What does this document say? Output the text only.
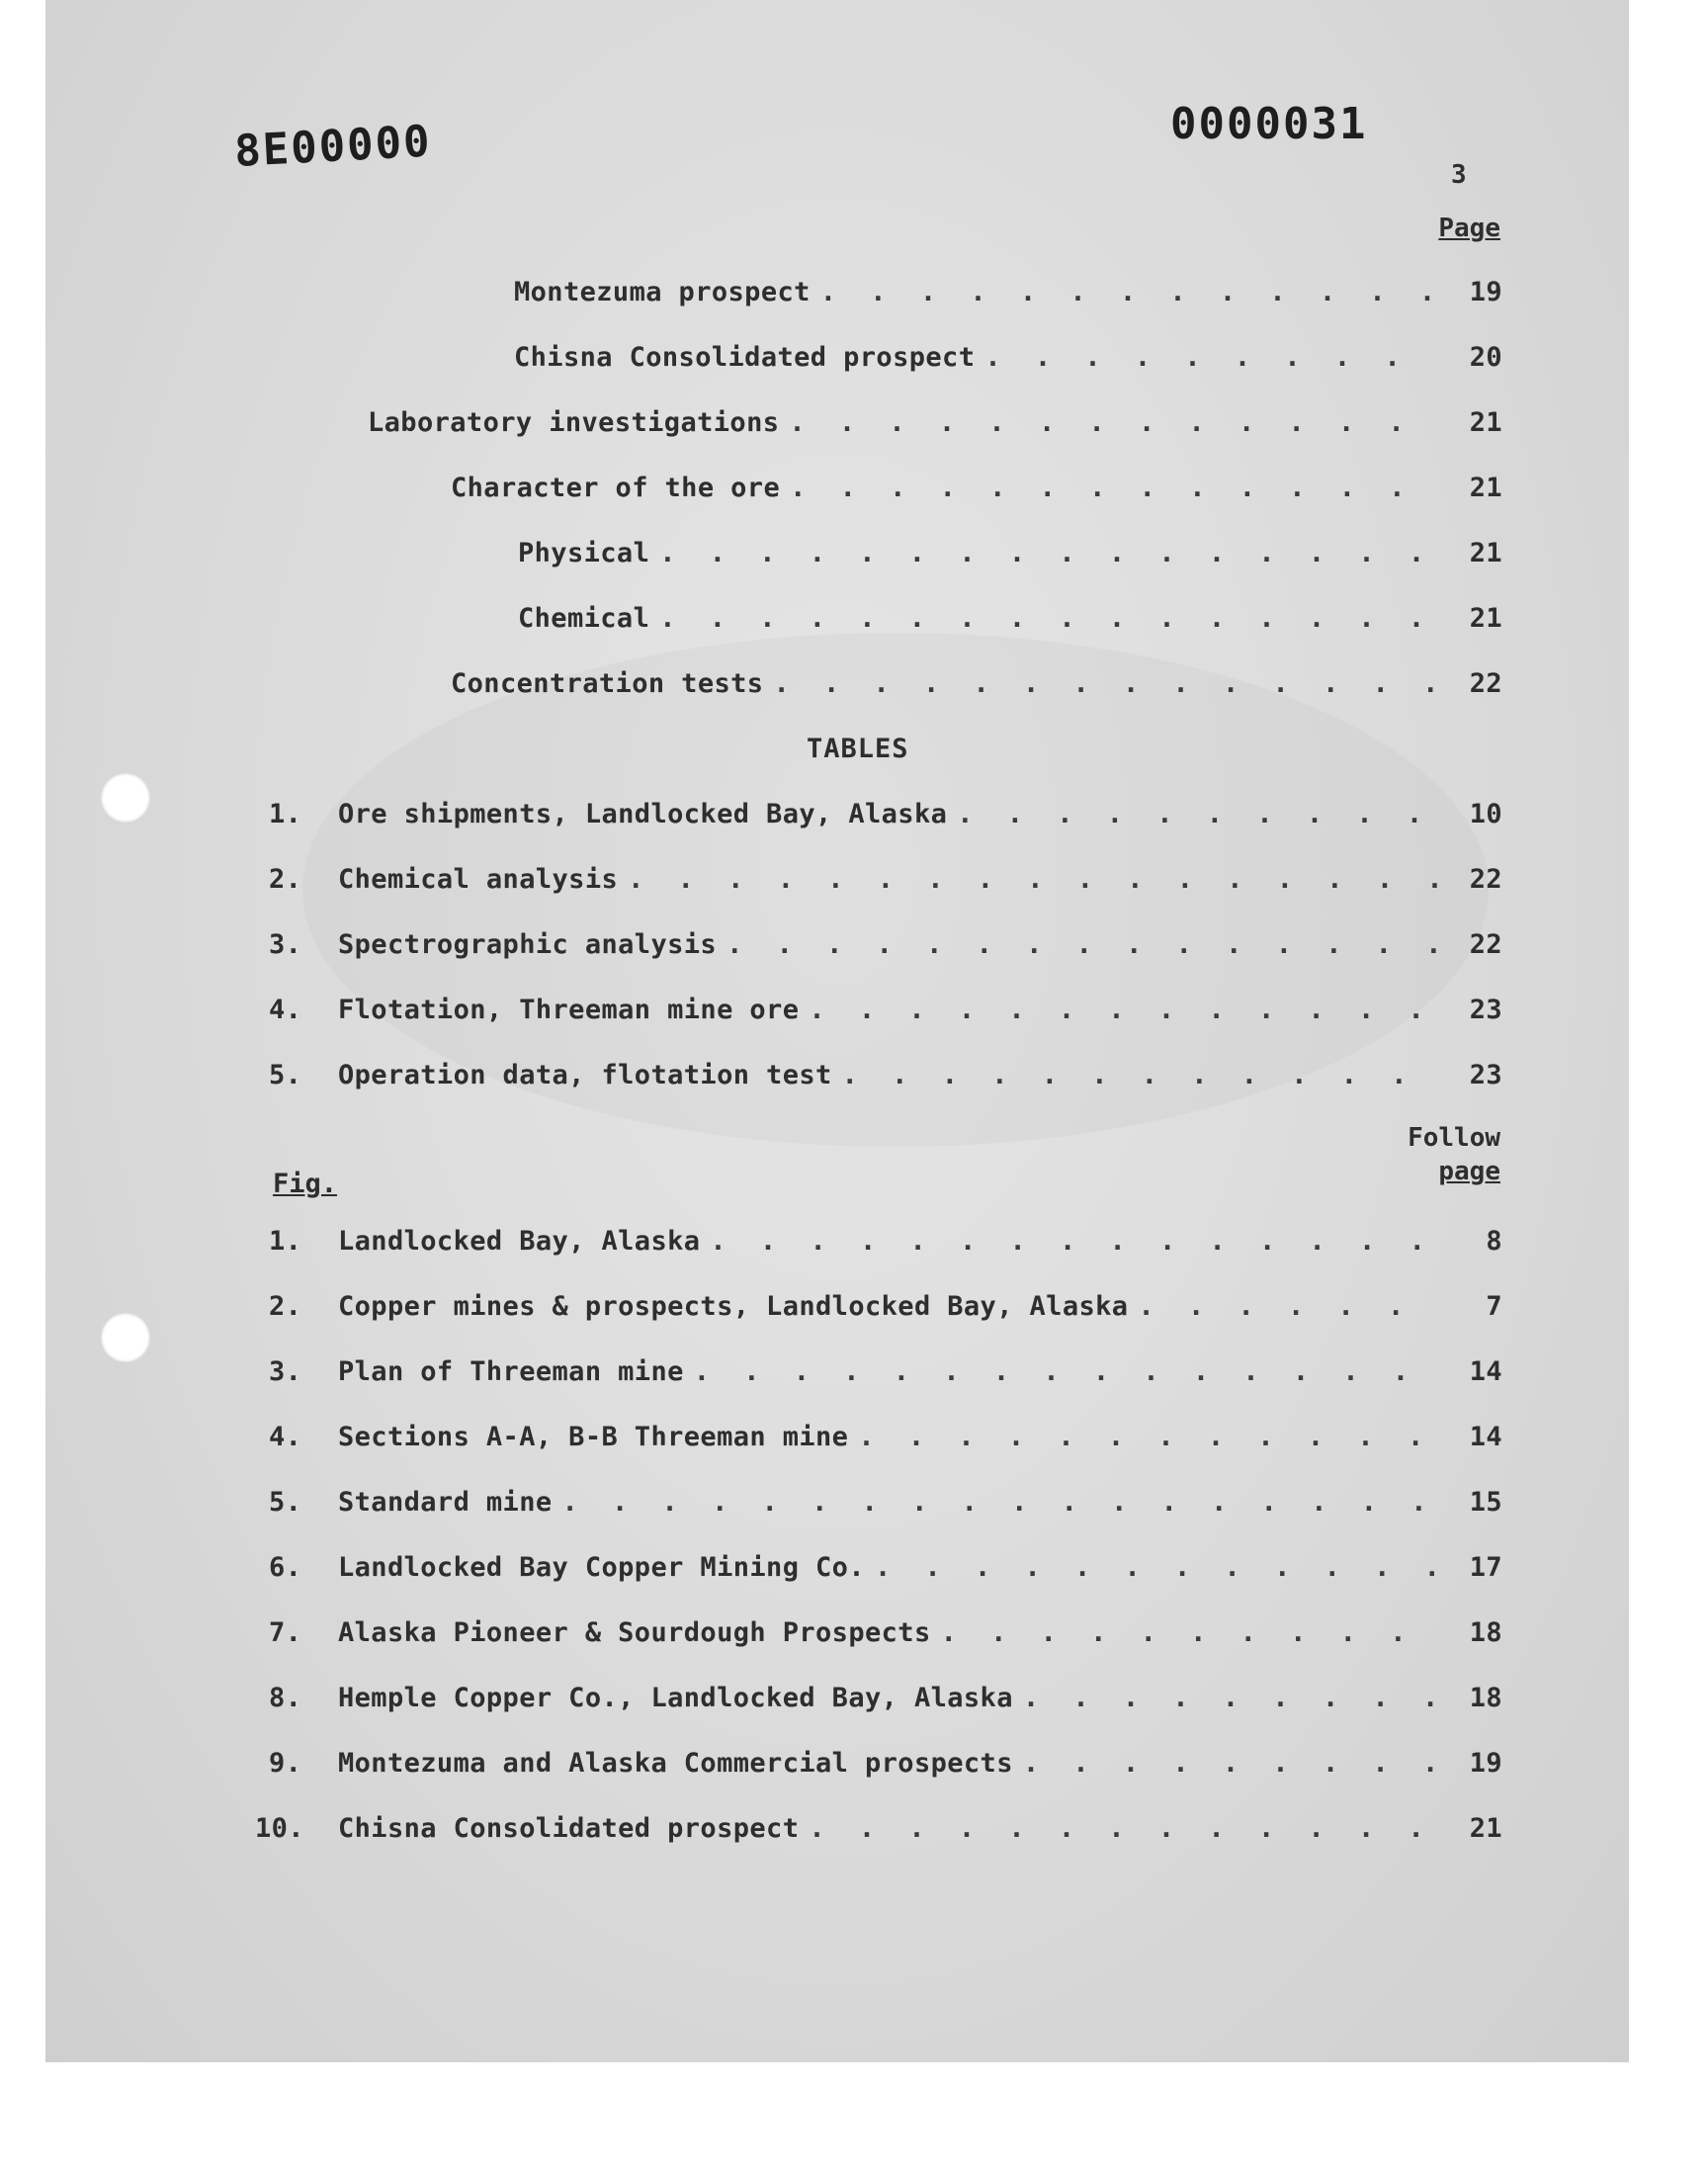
8E00000	0000031
3
Page
Montezuma prospect . . .	19
Chisna Consolidated prospect . . .	20
Laboratory investigations . . .	21
Character of the ore . . .	21
Physical . . .	21
Chemical . . .	21
Concentration tests . . .	22
TABLES
1.	Ore shipments, Landlocked Bay, Alaska . . .	10
2.	Chemical analysis . . .	22
3.	Spectrographic analysis . . .	22
4.	Flotation, Threeman mine ore . . .	23
5.	Operation data, flotation test . . .	23
Follow
page
Fig.
1.	Landlocked Bay, Alaska . . .	8
2.	Copper mines & prospects, Landlocked Bay, Alaska . . .	7
3.	Plan of Threeman mine . . .	14
4.	Sections A-A, B-B Threeman mine . . .	14
5.	Standard mine . . .	15
6.	Landlocked Bay Copper Mining Co. . . .	17
7.	Alaska Pioneer & Sourdough Prospects . . .	18
8.	Hemple Copper Co., Landlocked Bay, Alaska . . .	18
9.	Montezuma and Alaska Commercial prospects . . .	19
10.	Chisna Consolidated prospect . . .	21
